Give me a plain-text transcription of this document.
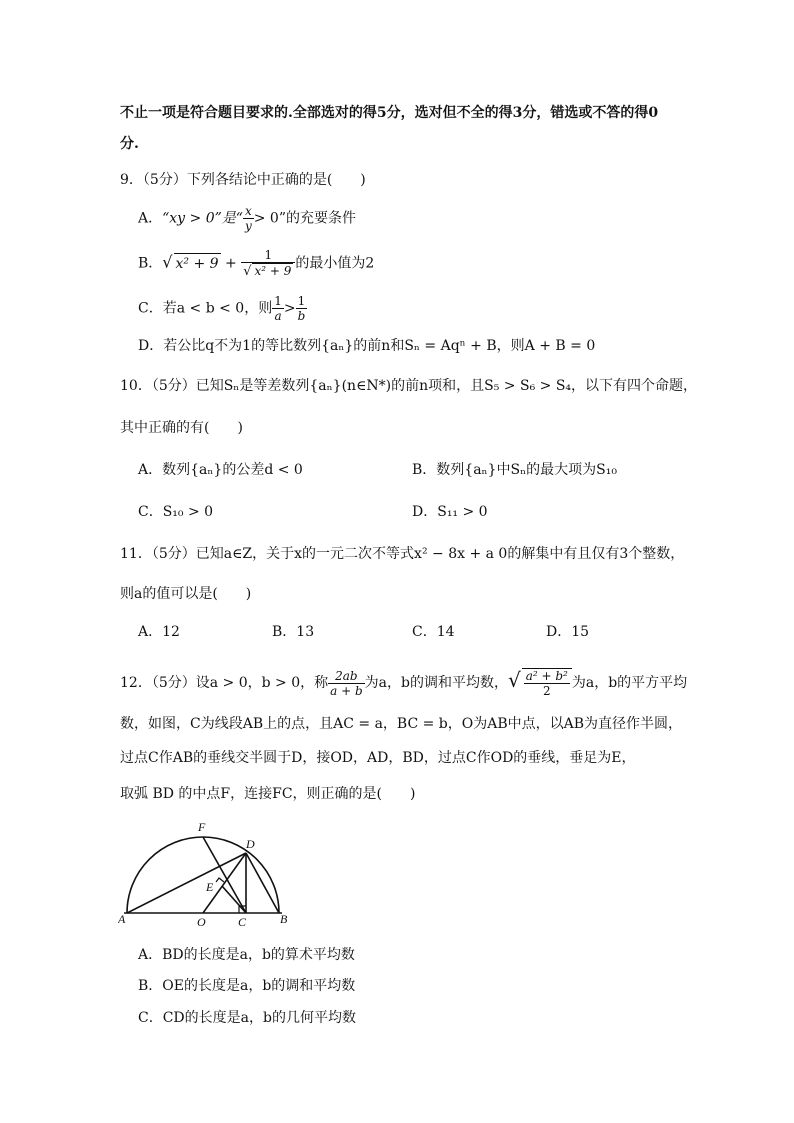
不止一项是符合题目要求的.全部选对的得5分，选对但不全的得3分，错选或不答的得0
分.
9．（5分）下列各结论中正确的是(　　)
A．“xy > 0”是“ $\frac{x}{y} > 0$”的充要条件
B．√ $x^2 + 9 + \frac{1}{\text{√ x² + 9}}$ 的最小值为2
C．若a < b < 0，则 $\frac{1}{a} > \frac{1}{b}$
D．若公比q不为1的等比数列{aₙ}的前n和Sₙ = Aqⁿ + B，则A + B = 0
10．（5分）已知Sₙ是等差数列{aₙ}(n∈N*)的前n项和，且S₅ > S₆ > S₄，以下有四个命题，
其中正确的有(　　)
A．数列{aₙ}的公差d < 0	B．数列{aₙ}中Sₙ的最大项为S₁₀
C．S₁₀ > 0	D．S₁₁ > 0
11．（5分）已知a∈Z，关于x的一元二次不等式x² − 8x + a 0的解集中有且仅有3个整数，
则a的值可以是(　　)
A．12	B．13	C．14	D．15
12．（5分）设a > 0，b > 0，称 $\frac{2ab}{a + b}$ 为a，b的调和平均数，√ $\frac{\text{a² + b²}}{2}$ 为a，b的平方平均
数，如图，C为线段AB上的点，且AC = a，BC = b，O为AB中点，以AB为直径作半圆，
过点C作AB的垂线交半圆于D，接OD，AD，BD，过点C作OD的垂线，垂足为E，
取弧 BD 的中点F，连接FC，则正确的是(　　)
F
D
E
A	O	C	B
A．BD的长度是a，b的算术平均数
B．OE的长度是a，b的调和平均数
C．CD的长度是a，b的几何平均数
